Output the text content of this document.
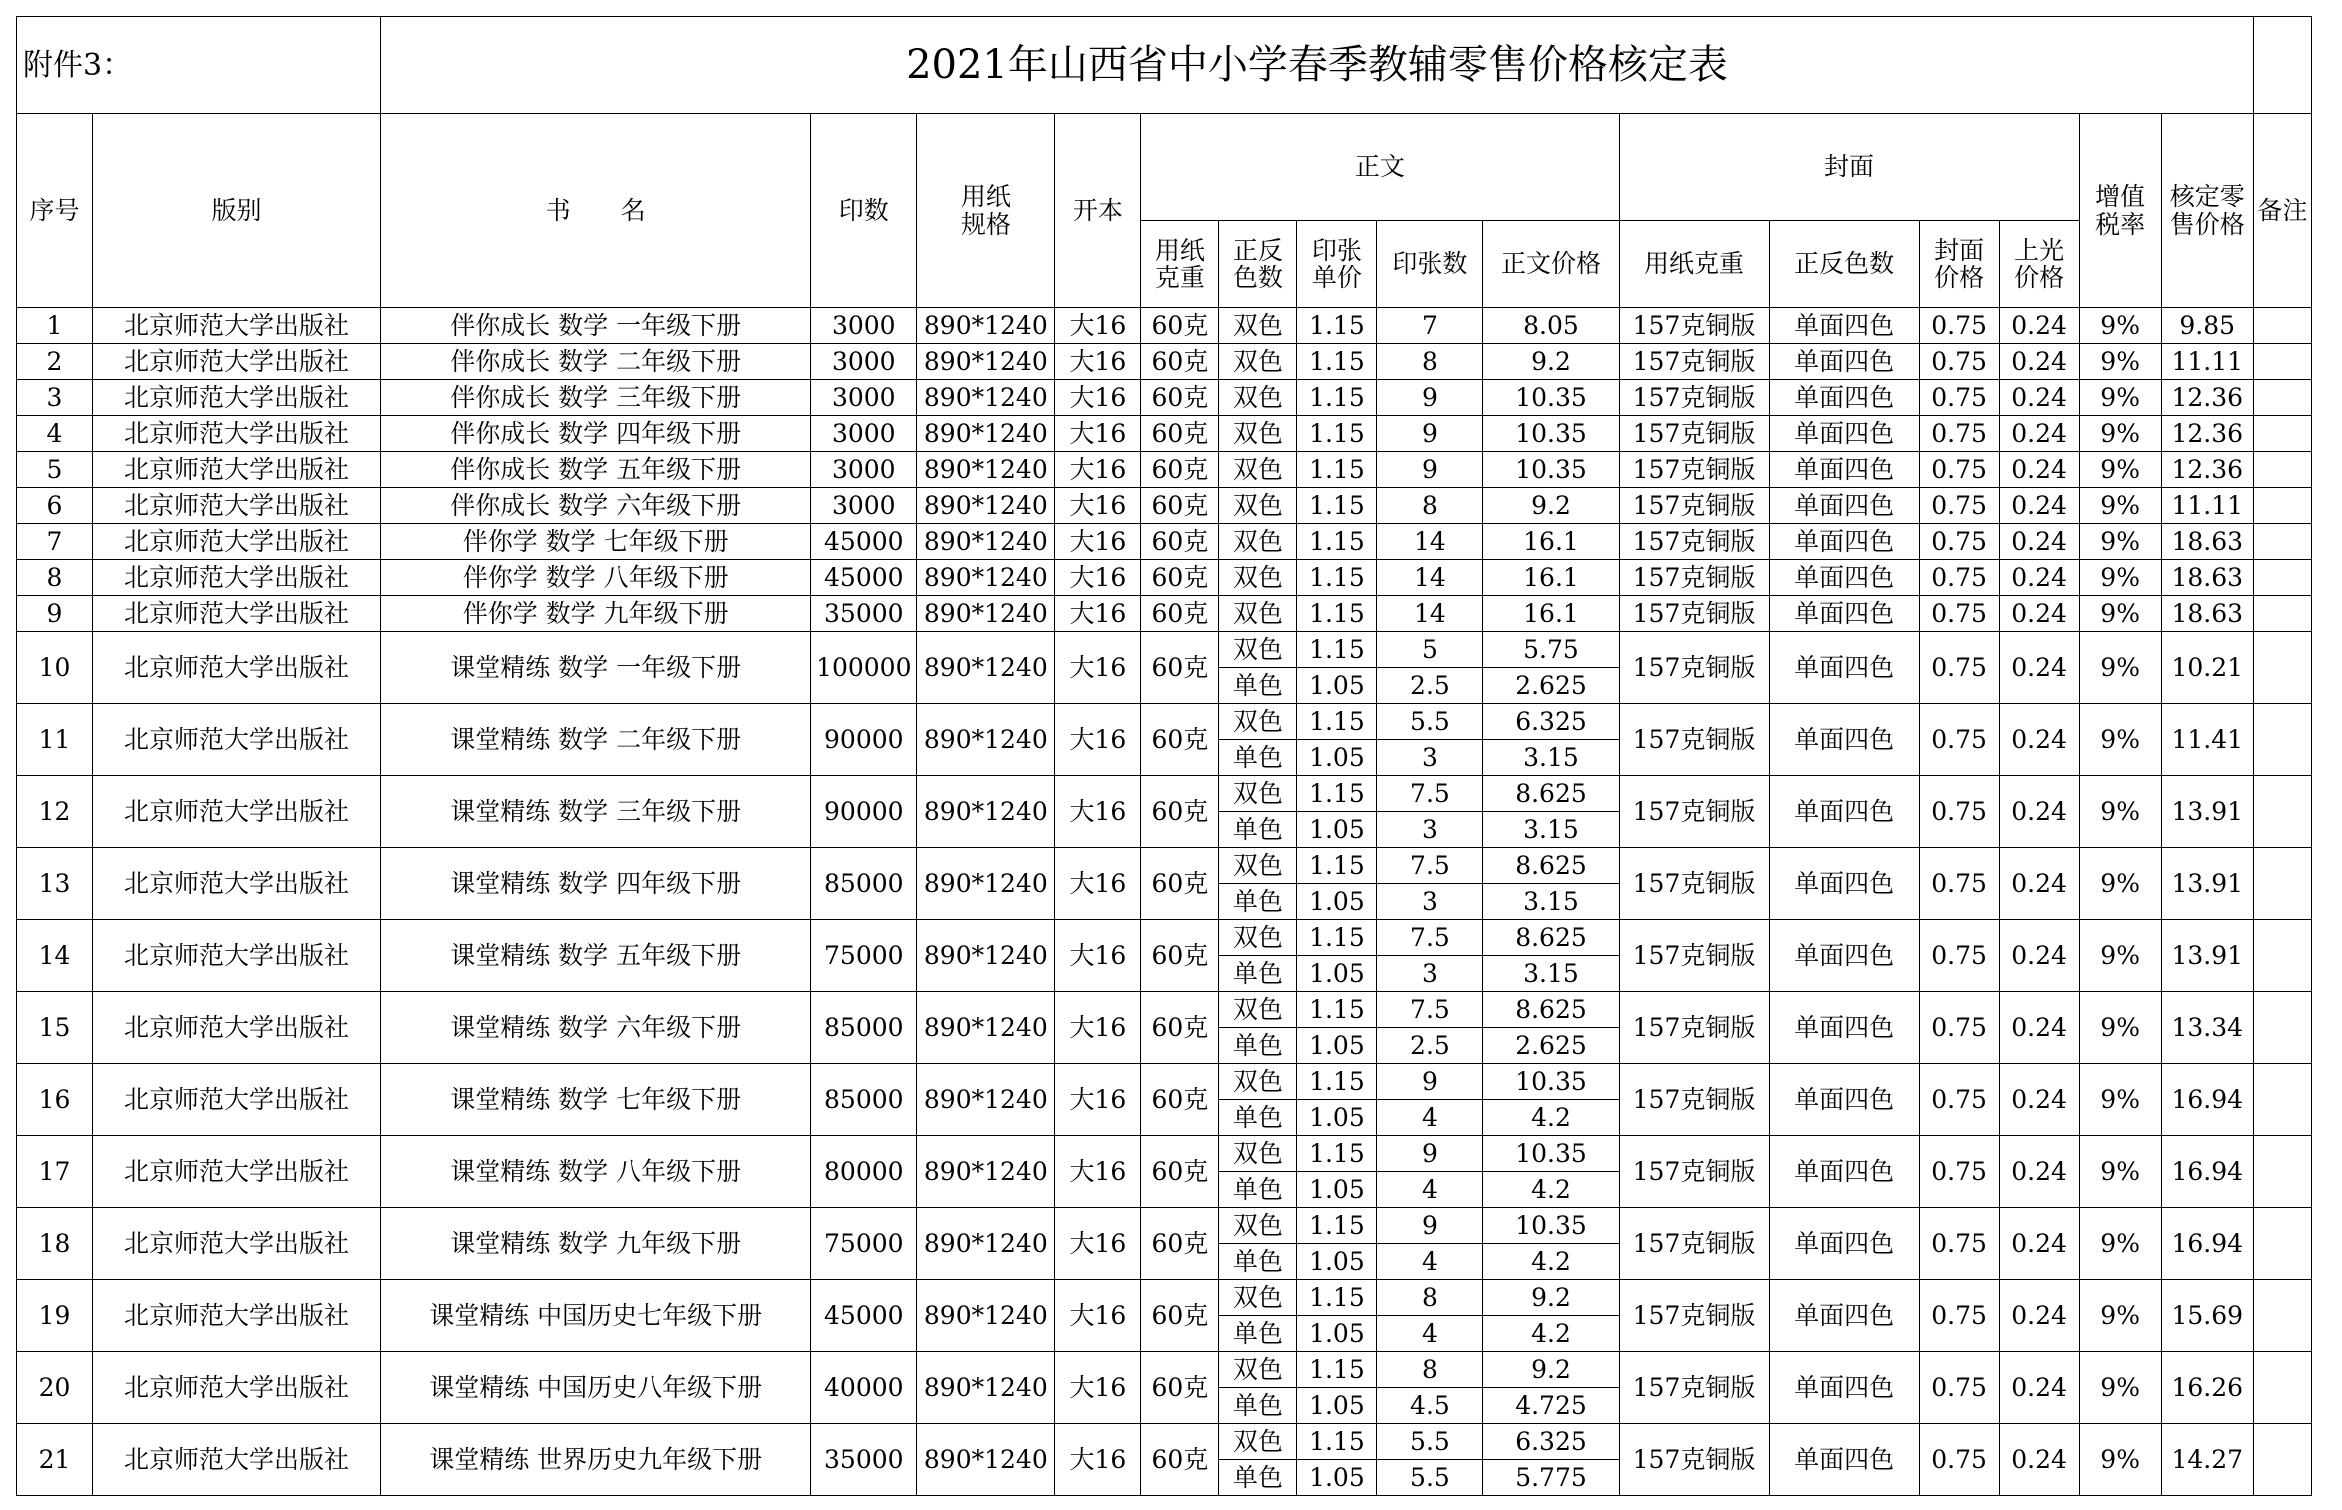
附件3：		2021年山西省中小学春季教辅零售价格核定表															
序号	版别	书　　名	印数	用纸规格	开本	正文					封面				增值税率	核定零售价格	备注
						用纸克重	正反色数	印张单价	印张数	正文价格	用纸克重	正反色数	封面价格	上光价格			
1	北京师范大学出版社	伴你成长 数学 一年级下册	3000	890*1240	大16	60克	双色	1.15	7	8.05	157克铜版	单面四色	0.75	0.24	9%	9.85	
2	北京师范大学出版社	伴你成长 数学 二年级下册	3000	890*1240	大16	60克	双色	1.15	8	9.2	157克铜版	单面四色	0.75	0.24	9%	11.11	
3	北京师范大学出版社	伴你成长 数学 三年级下册	3000	890*1240	大16	60克	双色	1.15	9	10.35	157克铜版	单面四色	0.75	0.24	9%	12.36	
4	北京师范大学出版社	伴你成长 数学 四年级下册	3000	890*1240	大16	60克	双色	1.15	9	10.35	157克铜版	单面四色	0.75	0.24	9%	12.36	
5	北京师范大学出版社	伴你成长 数学 五年级下册	3000	890*1240	大16	60克	双色	1.15	9	10.35	157克铜版	单面四色	0.75	0.24	9%	12.36	
6	北京师范大学出版社	伴你成长 数学 六年级下册	3000	890*1240	大16	60克	双色	1.15	8	9.2	157克铜版	单面四色	0.75	0.24	9%	11.11	
7	北京师范大学出版社	伴你学 数学 七年级下册	45000	890*1240	大16	60克	双色	1.15	14	16.1	157克铜版	单面四色	0.75	0.24	9%	18.63	
8	北京师范大学出版社	伴你学 数学 八年级下册	45000	890*1240	大16	60克	双色	1.15	14	16.1	157克铜版	单面四色	0.75	0.24	9%	18.63	
9	北京师范大学出版社	伴你学 数学 九年级下册	35000	890*1240	大16	60克	双色	1.15	14	16.1	157克铜版	单面四色	0.75	0.24	9%	18.63	
10	北京师范大学出版社	课堂精练 数学 一年级下册	100000	890*1240	大16	60克	双色	1.15	5	5.75	157克铜版	单面四色	0.75	0.24	9%	10.21	
							单色	1.05	2.5	2.625							
11	北京师范大学出版社	课堂精练 数学 二年级下册	90000	890*1240	大16	60克	双色	1.15	5.5	6.325	157克铜版	单面四色	0.75	0.24	9%	11.41	
							单色	1.05	3	3.15							
12	北京师范大学出版社	课堂精练 数学 三年级下册	90000	890*1240	大16	60克	双色	1.15	7.5	8.625	157克铜版	单面四色	0.75	0.24	9%	13.91	
							单色	1.05	3	3.15							
13	北京师范大学出版社	课堂精练 数学 四年级下册	85000	890*1240	大16	60克	双色	1.15	7.5	8.625	157克铜版	单面四色	0.75	0.24	9%	13.91	
							单色	1.05	3	3.15							
14	北京师范大学出版社	课堂精练 数学 五年级下册	75000	890*1240	大16	60克	双色	1.15	7.5	8.625	157克铜版	单面四色	0.75	0.24	9%	13.91	
							单色	1.05	3	3.15							
15	北京师范大学出版社	课堂精练 数学 六年级下册	85000	890*1240	大16	60克	双色	1.15	7.5	8.625	157克铜版	单面四色	0.75	0.24	9%	13.34	
							单色	1.05	2.5	2.625							
16	北京师范大学出版社	课堂精练 数学 七年级下册	85000	890*1240	大16	60克	双色	1.15	9	10.35	157克铜版	单面四色	0.75	0.24	9%	16.94	
							单色	1.05	4	4.2							
17	北京师范大学出版社	课堂精练 数学 八年级下册	80000	890*1240	大16	60克	双色	1.15	9	10.35	157克铜版	单面四色	0.75	0.24	9%	16.94	
							单色	1.05	4	4.2							
18	北京师范大学出版社	课堂精练 数学 九年级下册	75000	890*1240	大16	60克	双色	1.15	9	10.35	157克铜版	单面四色	0.75	0.24	9%	16.94	
							单色	1.05	4	4.2							
19	北京师范大学出版社	课堂精练 中国历史七年级下册	45000	890*1240	大16	60克	双色	1.15	8	9.2	157克铜版	单面四色	0.75	0.24	9%	15.69	
							单色	1.05	4	4.2							
20	北京师范大学出版社	课堂精练 中国历史八年级下册	40000	890*1240	大16	60克	双色	1.15	8	9.2	157克铜版	单面四色	0.75	0.24	9%	16.26	
							单色	1.05	4.5	4.725							
21	北京师范大学出版社	课堂精练 世界历史九年级下册	35000	890*1240	大16	60克	双色	1.15	5.5	6.325	157克铜版	单面四色	0.75	0.24	9%	14.27	
							单色	1.05	5.5	5.775							
